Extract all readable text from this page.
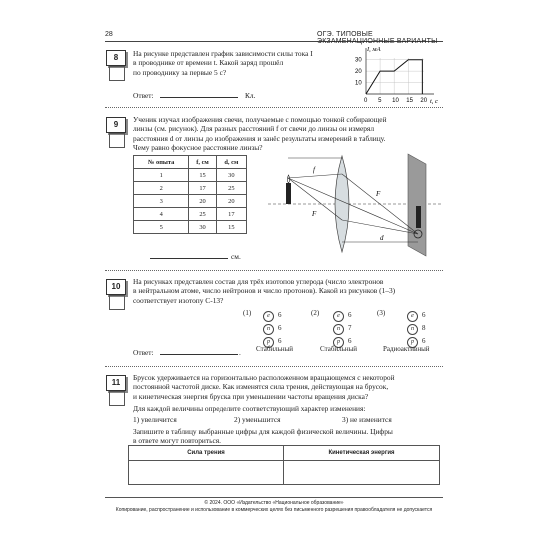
28	ОГЭ. ТИПОВЫЕ ЭКЗАМЕНАЦИОННЫЕ ВАРИАНТЫ
8	На рисунке представлен график зависимости силы тока I
в проводнике от времени t. Какой заряд прошёл
по проводнику за первые 5 с?
I, мА
30
20
10
0 5 10 15 20 t, с
Ответ:	Кл.
9
Ученик изучал изображения свечи, получаемые с помощью тонкой собирающей
линзы (см. рисунок). Для разных расстояний f от свечи до линзы он измерял
расстояния d от линзы до изображения и занёс результаты измерений в таблицу.
Чему равно фокусное расстояние линзы?
№ опыта	f, см	d, см
1	15	30
2	17	25
3	20	20
4	25	17
5	30	15
f
F
F
d
см.
10
На рисунках представлен состав для трёх изотопов углерода (число электронов
в нейтральном атоме, число нейтронов и число протонов). Какой из рисунков (1–3)
соответствует изотопу С-13?
(1)	e 6
n 6
p 6
(2)	e 6
n 7
p 6
(3)	e 6
n 8
p 6
Ответ:	. Стабильный	Стабильный	Радиоактивный
11
Брусок удерживается на горизонтально расположенном вращающемся с некоторой
постоянной частотой диске. Как изменятся сила трения, действующая на брусок,
и кинетическая энергия бруска при уменьшении частоты вращения диска?
Для каждой величины определите соответствующий характер изменения:
1) увеличится	2) уменьшится	3) не изменится
Запишите в таблицу выбранные цифры для каждой физической величины. Цифры
в ответе могут повториться.
Сила трения	Кинетическая энергия
© 2024. ООО «Издательство «Национальное образование»
Копирование, распространение и использование в коммерческих целях без письменного разрешения правообладателя не допускается
